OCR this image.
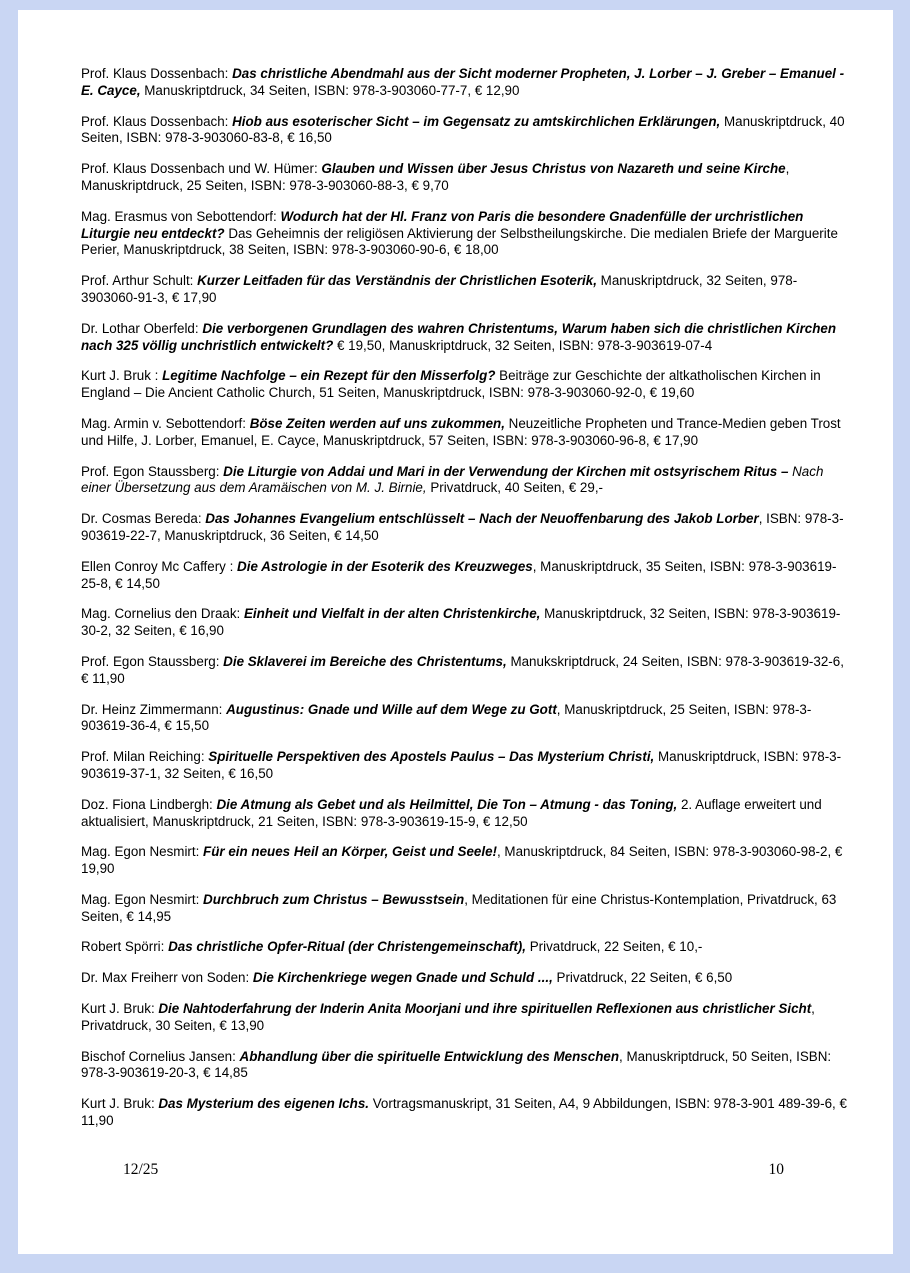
Prof. Klaus Dossenbach: Das christliche Abendmahl aus der Sicht moderner Propheten, J. Lorber – J. Greber – Emanuel - E. Cayce, Manuskriptdruck, 34 Seiten, ISBN: 978-3-903060-77-7, € 12,90

Prof. Klaus Dossenbach: Hiob aus esoterischer Sicht – im Gegensatz zu amtskirchlichen Erklärungen, Manuskriptdruck, 40 Seiten, ISBN: 978-3-903060-83-8, € 16,50

Prof. Klaus Dossenbach und W. Hümer: Glauben und Wissen über Jesus Christus von Nazareth und seine Kirche, Manuskriptdruck, 25 Seiten, ISBN: 978-3-903060-88-3, € 9,70

Mag. Erasmus von Sebottendorf: Wodurch hat der Hl. Franz von Paris die besondere Gnadenfülle der urchristlichen Liturgie neu entdeckt? Das Geheimnis der religiösen Aktivierung der Selbstheilungskirche. Die medialen Briefe der Marguerite Perier, Manuskriptdruck, 38 Seiten, ISBN: 978-3-903060-90-6, € 18,00

Prof. Arthur Schult: Kurzer Leitfaden für das Verständnis der Christlichen Esoterik, Manuskriptdruck, 32 Seiten, 978-3903060-91-3, € 17,90

Dr. Lothar Oberfeld: Die verborgenen Grundlagen des wahren Christentums, Warum haben sich die christlichen Kirchen nach 325 völlig unchristlich entwickelt? € 19,50, Manuskriptdruck, 32 Seiten, ISBN: 978-3-903619-07-4

Kurt J. Bruk : Legitime Nachfolge – ein Rezept für den Misserfolg? Beiträge zur Geschichte der altkatholischen Kirchen in England – Die Ancient Catholic Church, 51 Seiten, Manuskriptdruck, ISBN: 978-3-903060-92-0, € 19,60

Mag. Armin v. Sebottendorf: Böse Zeiten werden auf uns zukommen, Neuzeitliche Propheten und Trance-Medien geben Trost und Hilfe, J. Lorber, Emanuel, E. Cayce, Manuskriptdruck, 57 Seiten, ISBN: 978-3-903060-96-8, € 17,90

Prof. Egon Staussberg: Die Liturgie von Addai und Mari in der Verwendung der Kirchen mit ostsyrischem Ritus – Nach einer Übersetzung aus dem Aramäischen von M. J. Birnie, Privatdruck, 40 Seiten, € 29,-

Dr. Cosmas Bereda: Das Johannes Evangelium entschlüsselt – Nach der Neuoffenbarung des Jakob Lorber, ISBN: 978-3-903619-22-7, Manuskriptdruck, 36 Seiten, € 14,50

Ellen Conroy Mc Caffery : Die Astrologie in der Esoterik des Kreuzweges, Manuskriptdruck, 35 Seiten, ISBN: 978-3-903619-25-8, € 14,50

Mag. Cornelius den Draak: Einheit und Vielfalt in der alten Christenkirche, Manuskriptdruck, 32 Seiten, ISBN: 978-3-903619-30-2, 32 Seiten, € 16,90

Prof. Egon Staussberg: Die Sklaverei im Bereiche des Christentums, Manukskriptdruck, 24 Seiten, ISBN: 978-3-903619-32-6, € 11,90

Dr. Heinz Zimmermann: Augustinus: Gnade und Wille auf dem Wege zu Gott, Manuskriptdruck, 25 Seiten, ISBN: 978-3-903619-36-4, € 15,50

Prof. Milan Reiching: Spirituelle Perspektiven des Apostels Paulus – Das Mysterium Christi, Manuskriptdruck, ISBN: 978-3-903619-37-1, 32 Seiten, € 16,50

Doz. Fiona Lindbergh: Die Atmung als Gebet und als Heilmittel, Die Ton – Atmung - das Toning, 2. Auflage erweitert und aktualisiert, Manuskriptdruck, 21 Seiten, ISBN: 978-3-903619-15-9, € 12,50

Mag. Egon Nesmirt: Für ein neues Heil an Körper, Geist und Seele!, Manuskriptdruck, 84 Seiten, ISBN: 978-3-903060-98-2, € 19,90

Mag. Egon Nesmirt: Durchbruch zum Christus – Bewusstsein, Meditationen für eine Christus-Kontemplation, Privatdruck, 63 Seiten, € 14,95

Robert Spörri: Das christliche Opfer-Ritual (der Christengemeinschaft), Privatdruck, 22 Seiten, € 10,-

Dr. Max Freiherr von Soden: Die Kirchenkriege wegen Gnade und Schuld ..., Privatdruck, 22 Seiten, € 6,50

Kurt J. Bruk: Die Nahtoderfahrung der Inderin Anita Moorjani und ihre spirituellen Reflexionen aus christlicher Sicht, Privatdruck, 30 Seiten, € 13,90

Bischof Cornelius Jansen: Abhandlung über die spirituelle Entwicklung des Menschen, Manuskriptdruck, 50 Seiten, ISBN: 978-3-903619-20-3, € 14,85

Kurt J. Bruk: Das Mysterium des eigenen Ichs. Vortragsmanuskript, 31 Seiten, A4, 9 Abbildungen, ISBN: 978-3-901 489-39-6, € 11,90

12/25	10
